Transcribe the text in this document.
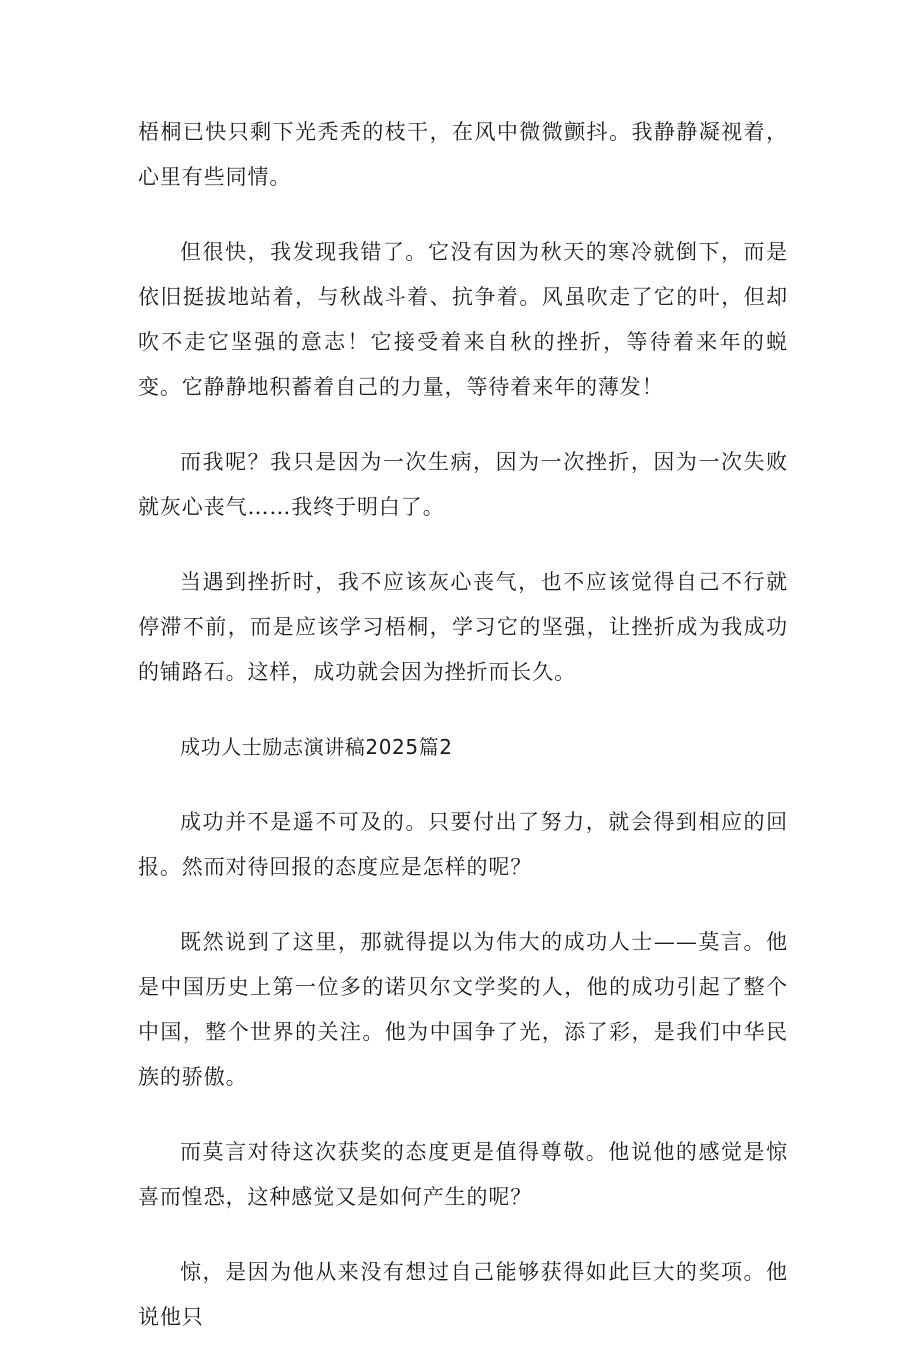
梧桐已快只剩下光秃秃的枝干，在风中微微颤抖。我静静凝视着，心里有些同情。

但很快，我发现我错了。它没有因为秋天的寒冷就倒下，而是依旧挺拔地站着，与秋战斗着、抗争着。风虽吹走了它的叶，但却吹不走它坚强的意志！它接受着来自秋的挫折，等待着来年的蜕变。它静静地积蓄着自己的力量，等待着来年的薄发！

而我呢？我只是因为一次生病，因为一次挫折，因为一次失败就灰心丧气……我终于明白了。

当遇到挫折时，我不应该灰心丧气，也不应该觉得自己不行就停滞不前，而是应该学习梧桐，学习它的坚强，让挫折成为我成功的铺路石。这样，成功就会因为挫折而长久。

成功人士励志演讲稿2025篇2

成功并不是遥不可及的。只要付出了努力，就会得到相应的回报。然而对待回报的态度应是怎样的呢？

既然说到了这里，那就得提以为伟大的成功人士——莫言。他是中国历史上第一位多的诺贝尔文学奖的人，他的成功引起了整个中国，整个世界的关注。他为中国争了光，添了彩，是我们中华民族的骄傲。

而莫言对待这次获奖的态度更是值得尊敬。他说他的感觉是惊喜而惶恐，这种感觉又是如何产生的呢？

惊，是因为他从来没有想过自己能够获得如此巨大的奖项。他说他只
